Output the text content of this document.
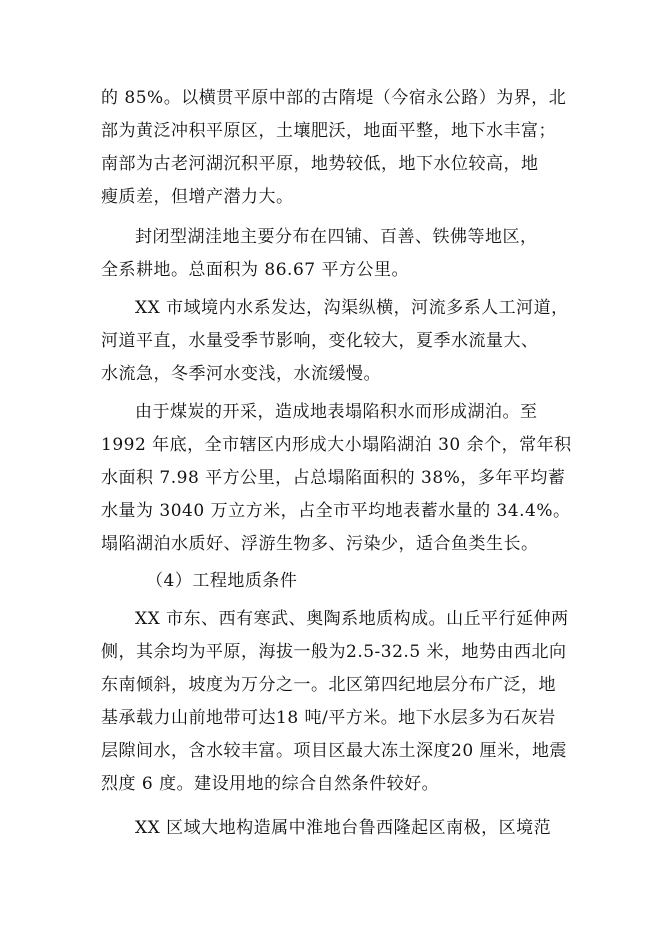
的 85%。以横贯平原中部的古隋堤（今宿永公路）为界，北
部为黄泛冲积平原区，土壤肥沃，地面平整，地下水丰富；
南部为古老河湖沉积平原，地势较低，地下水位较高，地
瘦质差，但增产潜力大。
封闭型湖洼地主要分布在四铺、百善、铁佛等地区，
全系耕地。总面积为 86.67 平方公里。
XX 市域境内水系发达，沟渠纵横，河流多系人工河道，
河道平直，水量受季节影响，变化较大，夏季水流量大、
水流急，冬季河水变浅，水流缓慢。
由于煤炭的开采，造成地表塌陷积水而形成湖泊。至
1992 年底，全市辖区内形成大小塌陷湖泊 30 余个，常年积
水面积 7.98 平方公里，占总塌陷面积的 38%，多年平均蓄
水量为 3040 万立方米，占全市平均地表蓄水量的 34.4%。
塌陷湖泊水质好、浮游生物多、污染少，适合鱼类生长。
（4）工程地质条件
XX 市东、西有寒武、奥陶系地质构成。山丘平行延伸两
侧，其余均为平原，海拔一般为2.5-32.5 米，地势由西北向
东南倾斜，坡度为万分之一。北区第四纪地层分布广泛，地
基承载力山前地带可达18 吨/平方米。地下水层多为石灰岩
层隙间水，含水较丰富。项目区最大冻土深度20 厘米，地震
烈度 6 度。建设用地的综合自然条件较好。
XX 区域大地构造属中淮地台鲁西隆起区南极，区境范
